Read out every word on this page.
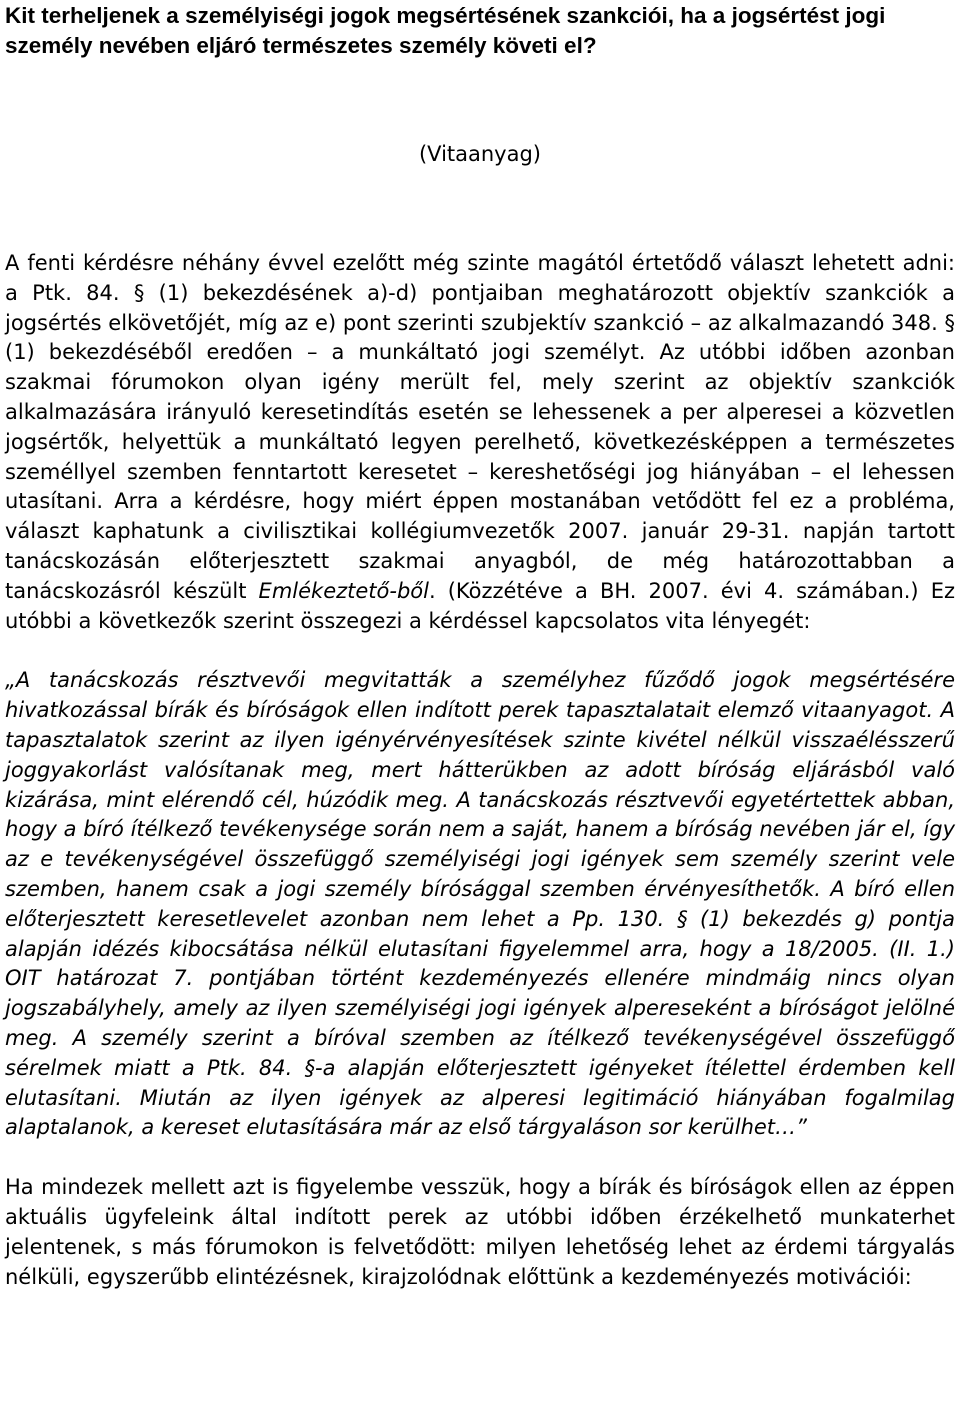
Kit terheljenek a személyiségi jogok megsértésének szankciói, ha a jogsértést jogi személy nevében eljáró természetes személy követi el?

(Vitaanyag)

A fenti kérdésre néhány évvel ezelőtt még szinte magától értetődő választ lehetett adni: a Ptk. 84. § (1) bekezdésének a)-d) pontjaiban meghatározott objektív szankciók a jogsértés elkövetőjét, míg az e) pont szerinti szubjektív szankció – az alkalmazandó 348. § (1) bekezdéséből eredően – a munkáltató jogi személyt. Az utóbbi időben azonban szakmai fórumokon olyan igény merült fel, mely szerint az objektív szankciók alkalmazására irányuló keresetindítás esetén se lehessenek a per alperesei a közvetlen jogsértők, helyettük a munkáltató legyen perelhető, következésképpen a természetes személlyel szemben fenntartott keresetet – kereshetőségi jog hiányában – el lehessen utasítani. Arra a kérdésre, hogy miért éppen mostanában vetődött fel ez a probléma, választ kaphatunk a civilisztikai kollégiumvezetők 2007. január 29-31. napján tartott tanácskozásán előterjesztett szakmai anyagból, de még határozottabban a tanácskozásról készült Emlékeztető-ből. (Közzétéve a BH. 2007. évi 4. számában.) Ez utóbbi a következők szerint összegezi a kérdéssel kapcsolatos vita lényegét:

„A tanácskozás résztvevői megvitatták a személyhez fűződő jogok megsértésére hivatkozással bírák és bíróságok ellen indított perek tapasztalatait elemző vitaanyagot. A tapasztalatok szerint az ilyen igényérvényesítések szinte kivétel nélkül visszaélésszerű joggyakorlást valósítanak meg, mert hátterükben az adott bíróság eljárásból való kizárása, mint elérendő cél, húzódik meg. A tanácskozás résztvevői egyetértettek abban, hogy a bíró ítélkező tevékenysége során nem a saját, hanem a bíróság nevében jár el, így az e tevékenységével összefüggő személyiségi jogi igények sem személy szerint vele szemben, hanem csak a jogi személy bírósággal szemben érvényesíthetők. A bíró ellen előterjesztett keresetlevelet azonban nem lehet a Pp. 130. § (1) bekezdés g) pontja alapján idézés kibocsátása nélkül elutasítani figyelemmel arra, hogy a 18/2005. (II. 1.) OIT határozat 7. pontjában történt kezdeményezés ellenére mindmáig nincs olyan jogszabályhely, amely az ilyen személyiségi jogi igények alpereseként a bíróságot jelölné meg. A személy szerint a bíróval szemben az ítélkező tevékenységével összefüggő sérelmek miatt a Ptk. 84. §-a alapján előterjesztett igényeket ítélettel érdemben kell elutasítani. Miután az ilyen igények az alperesi legitimáció hiányában fogalmilag alaptalanok, a kereset elutasítására már az első tárgyaláson sor kerülhet…”

Ha mindezek mellett azt is figyelembe vesszük, hogy a bírák és bíróságok ellen az éppen aktuális ügyfeleink által indított perek az utóbbi időben érzékelhető munkaterhet jelentenek, s más fórumokon is felvetődött: milyen lehetőség lehet az érdemi tárgyalás nélküli, egyszerűbb elintézésnek, kirajzolódnak előttünk a kezdeményezés motivációi:
